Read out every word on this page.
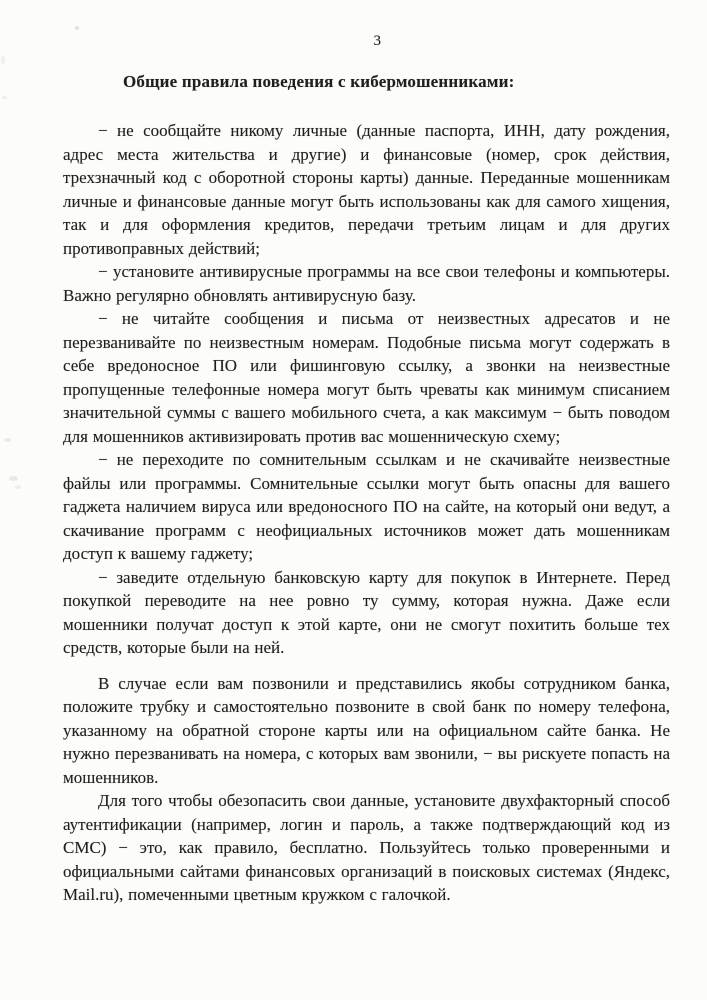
3
Общие правила поведения с кибермошенниками:

− не сообщайте никому личные (данные паспорта, ИНН, дату рождения, адрес места жительства и другие) и финансовые (номер, срок действия, трехзначный код с оборотной стороны карты) данные. Переданные мошенникам личные и финансовые данные могут быть использованы как для самого хищения, так и для оформления кредитов, передачи третьим лицам и для других противоправных действий;

− установите антивирусные программы на все свои телефоны и компьютеры. Важно регулярно обновлять антивирусную базу.

− не читайте сообщения и письма от неизвестных адресатов и не перезванивайте по неизвестным номерам. Подобные письма могут содержать в себе вредоносное ПО или фишинговую ссылку, а звонки на неизвестные пропущенные телефонные номера могут быть чреваты как минимум списанием значительной суммы с вашего мобильного счета, а как максимум − быть поводом для мошенников активизировать против вас мошенническую схему;

− не переходите по сомнительным ссылкам и не скачивайте неизвестные файлы или программы. Сомнительные ссылки могут быть опасны для вашего гаджета наличием вируса или вредоносного ПО на сайте, на который они ведут, а скачивание программ с неофициальных источников может дать мошенникам доступ к вашему гаджету;

− заведите отдельную банковскую карту для покупок в Интернете. Перед покупкой переводите на нее ровно ту сумму, которая нужна. Даже если мошенники получат доступ к этой карте, они не смогут похитить больше тех средств, которые были на ней.

В случае если вам позвонили и представились якобы сотрудником банка, положите трубку и самостоятельно позвоните в свой банк по номеру телефона, указанному на обратной стороне карты или на официальном сайте банка. Не нужно перезванивать на номера, с которых вам звонили, − вы рискуете попасть на мошенников.

Для того чтобы обезопасить свои данные, установите двухфакторный способ аутентификации (например, логин и пароль, а также подтверждающий код из СМС) − это, как правило, бесплатно. Пользуйтесь только проверенными и официальными сайтами финансовых организаций в поисковых системах (Яндекс, Mail.ru), помеченными цветным кружком с галочкой.
